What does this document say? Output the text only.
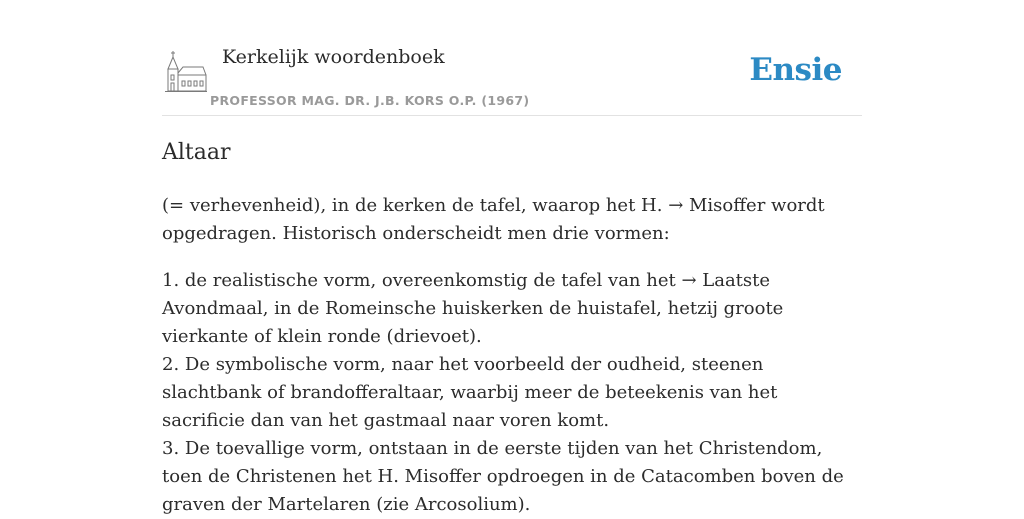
Kerkelijk woordenboek
PROFESSOR MAG. DR. J.B. KORS O.P. (1967)
Ensie
Altaar

(= verhevenheid), in de kerken de tafel, waarop het H. → Misoffer wordt opgedragen. Historisch onderscheidt men drie vormen:

1. de realistische vorm, overeenkomstig de tafel van het → Laatste Avondmaal, in de Romeinsche huiskerken de huistafel, hetzij groote vierkante of klein ronde (drievoet).

2. De symbolische vorm, naar het voorbeeld der oudheid, steenen slachtbank of brandofferaltaar, waarbij meer de beteekenis van het sacrificie dan van het gastmaal naar voren komt.

3. De toevallige vorm, ontstaan in de eerste tijden van het Christendom, toen de Christenen het H. Misoffer opdroegen in de Catacomben boven de graven der Martelaren (zie Arcosolium).
